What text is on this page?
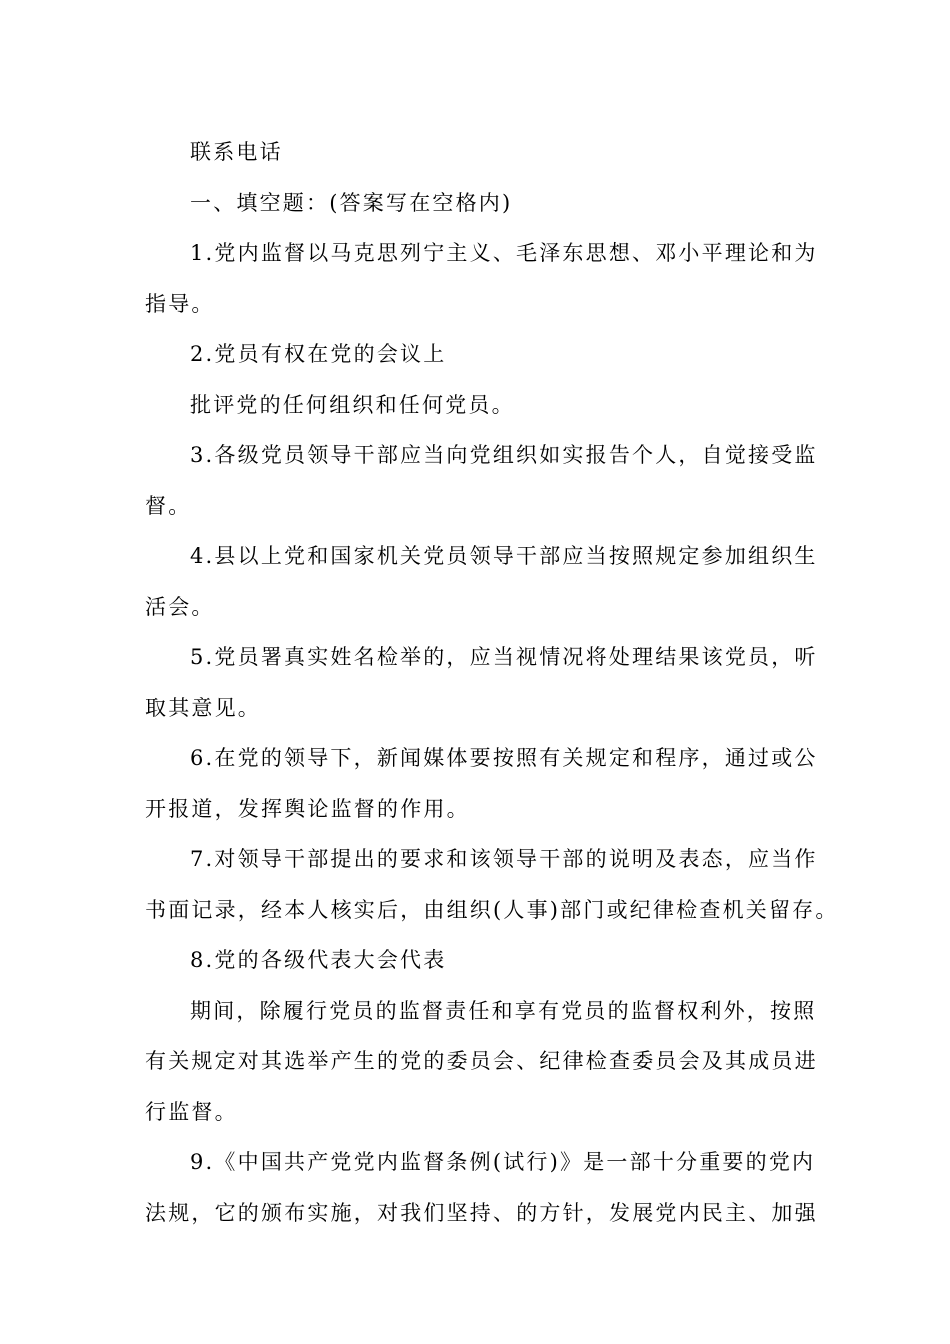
联系电话
一、填空题：(答案写在空格内)
1.党内监督以马克思列宁主义、毛泽东思想、邓小平理论和为
指导。
2.党员有权在党的会议上
批评党的任何组织和任何党员。
3.各级党员领导干部应当向党组织如实报告个人，自觉接受监
督。
4.县以上党和国家机关党员领导干部应当按照规定参加组织生
活会。
5.党员署真实姓名检举的，应当视情况将处理结果该党员，听
取其意见。
6.在党的领导下，新闻媒体要按照有关规定和程序，通过或公
开报道，发挥舆论监督的作用。
7.对领导干部提出的要求和该领导干部的说明及表态，应当作
书面记录，经本人核实后，由组织(人事)部门或纪律检查机关留存。
8.党的各级代表大会代表
期间，除履行党员的监督责任和享有党员的监督权利外，按照
有关规定对其选举产生的党的委员会、纪律检查委员会及其成员进
行监督。
9.《中国共产党党内监督条例(试行)》是一部十分重要的党内
法规，它的颁布实施，对我们坚持、的方针，发展党内民主、加强
